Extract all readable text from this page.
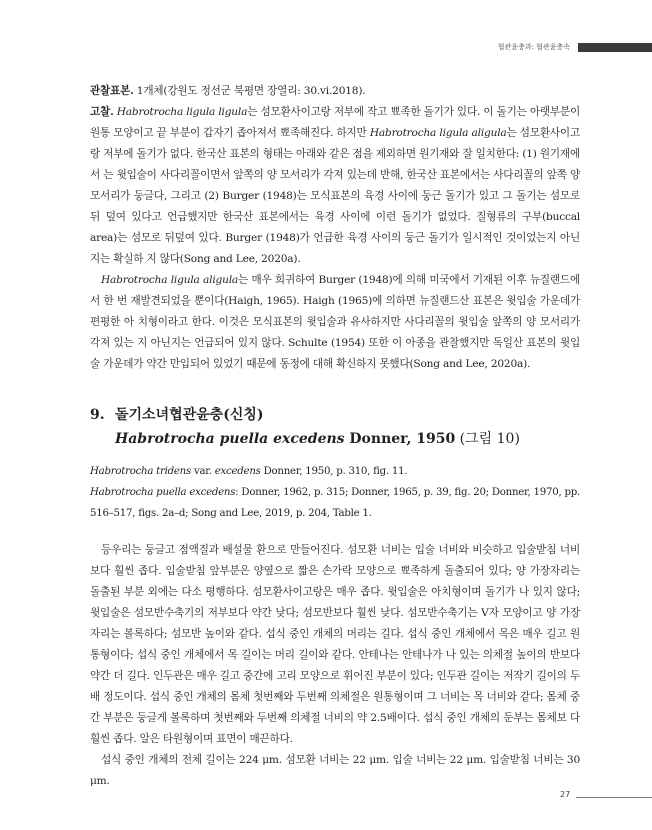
협관윤충과: 협관윤충속

관찰표본. 1개체(강원도 정선군 북평면 장열리: 30.vi.2018).

고찰. Habrotrocha ligula ligula는 섬모환사이고랑 저부에 작고 뾰족한 돌기가 있다. 이 돌기는 아랫부분이 원통 모양이고 끝 부분이 갑자기 좁아져서 뾰족해진다. 하지만 Habrotrocha ligula aligula는 섬모환사이고랑 저부에 돌기가 없다. 한국산 표본의 형태는 아래와 같은 점을 제외하면 원기재와 잘 일치한다: (1) 원기재에서 는 윗입술이 사다리꼴이면서 앞쪽의 양 모서리가 각져 있는데 반해, 한국산 표본에서는 사다리꼴의 앞쪽 양 모서리가 둥글다, 그리고 (2) Burger (1948)는 모식표본의 육경 사이에 둥근 돌기가 있고 그 돌기는 섬모로 뒤 덮여 있다고 언급했지만 한국산 표본에서는 육경 사이에 이런 돌기가 없었다. 질형류의 구부(buccal area)는 섬모로 뒤덮여 있다. Burger (1948)가 언급한 육경 사이의 둥근 돌기가 일시적인 것이었는지 아닌지는 확실하 지 않다(Song and Lee, 2020a).

Habrotrocha ligula aligula는 매우 희귀하여 Burger (1948)에 의해 미국에서 기재된 이후 뉴질랜드에서 한 번 재발견되었을 뿐이다(Haigh, 1965). Haigh (1965)에 의하면 뉴질랜드산 표본은 윗입술 가운데가 편평한 아 치형이라고 한다. 이것은 모식표본의 윗입술과 유사하지만 사다리꼴의 윗입술 앞쪽의 양 모서리가 각져 있는 지 아닌지는 언급되어 있지 않다. Schulte (1954) 또한 이 아종을 관찰했지만 독일산 표본의 윗입술 가운데가 약간 만입되어 있었기 때문에 동정에 대해 확신하지 못했다(Song and Lee, 2020a).

9. 돌기소녀협관윤충(신칭)
Habrotrocha puella excedens Donner, 1950 (그림 10)

Habrotrocha tridens var. excedens Donner, 1950, p. 310, fig. 11.
Habrotrocha puella excedens: Donner, 1962, p. 315; Donner, 1965, p. 39, fig. 20; Donner, 1970, pp. 516–517, figs. 2a–d; Song and Lee, 2019, p. 204, Table 1.

등우리는 둥글고 점액질과 배설물 환으로 만들어진다. 섬모환 너비는 입술 너비와 비슷하고 입술받침 너비 보다 훨씬 좁다. 입술받침 앞부분은 양옆으로 짧은 손가락 모양으로 뾰족하게 돌출되어 있다; 양 가장자리는 돌출된 부분 외에는 다소 평행하다. 섬모환사이고랑은 매우 좁다. 윗입술은 아치형이며 돌기가 나 있지 않다; 윗입술은 섬모반수축기의 저부보다 약간 낮다; 섬모반보다 훨씬 낮다. 섬모반수축기는 V자 모양이고 양 가장 자리는 볼록하다; 섬모반 높이와 같다. 섭식 중인 개체의 머리는 길다. 섭식 중인 개체에서 목은 매우 길고 원 통형이다; 섭식 중인 개체에서 목 길이는 머리 길이와 같다. 안테나는 안테나가 나 있는 의체절 높이의 반보다 약간 더 길다. 인두관은 매우 길고 중간에 고리 모양으로 휘어진 부분이 있다; 인두관 길이는 저작기 길이의 두 배 정도이다. 섭식 중인 개체의 몸체 첫번째와 두번째 의체절은 원통형이며 그 너비는 목 너비와 같다; 몸체 중간 부분은 둥글게 볼록하며 첫번째와 두번째 의체절 너비의 약 2.5배이다. 섭식 중인 개체의 둔부는 몸체보 다 훨씬 좁다. 알은 타원형이며 표면이 매끈하다.

섭식 중인 개체의 전체 길이는 224 μm. 섬모환 너비는 22 μm. 입술 너비는 22 μm. 입술받침 너비는 30 μm.

27
